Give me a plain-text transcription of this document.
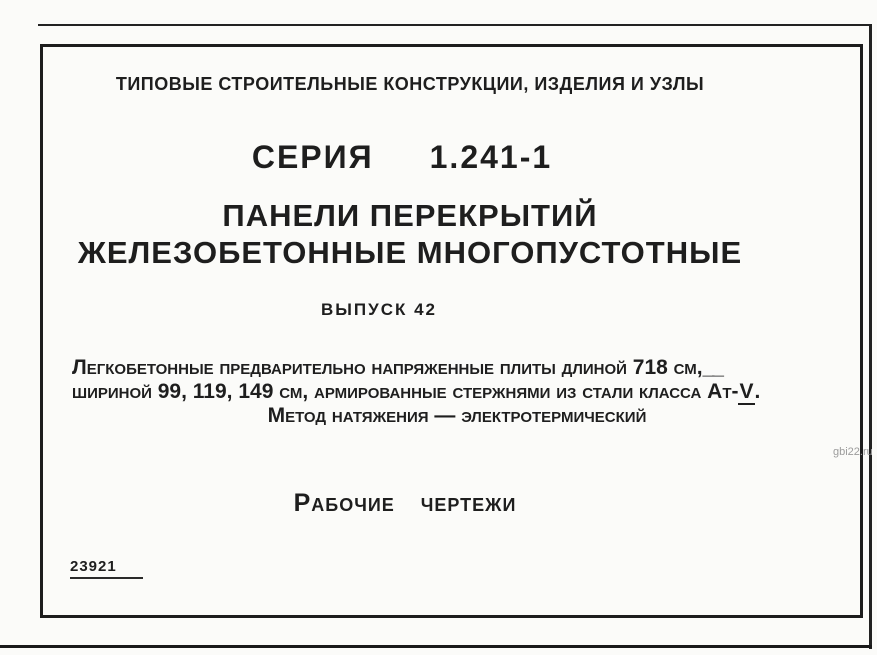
ТИПОВЫЕ СТРОИТЕЛЬНЫЕ КОНСТРУКЦИИ, ИЗДЕЛИЯ И УЗЛЫ
СЕРИЯ 1.241-1
ПАНЕЛИ ПЕРЕКРЫТИЙ
ЖЕЛЕЗОБЕТОННЫЕ МНОГОПУСТОТНЫЕ
ВЫПУСК 42
Легкобетонные предварительно напряженные плиты длиной 718 см,__
шириной 99, 119, 149 см, армированные стержнями из стали класса Ат-V.
Метод натяжения — электротермический
Рабочие чертежи
23921
gbi22.ru
